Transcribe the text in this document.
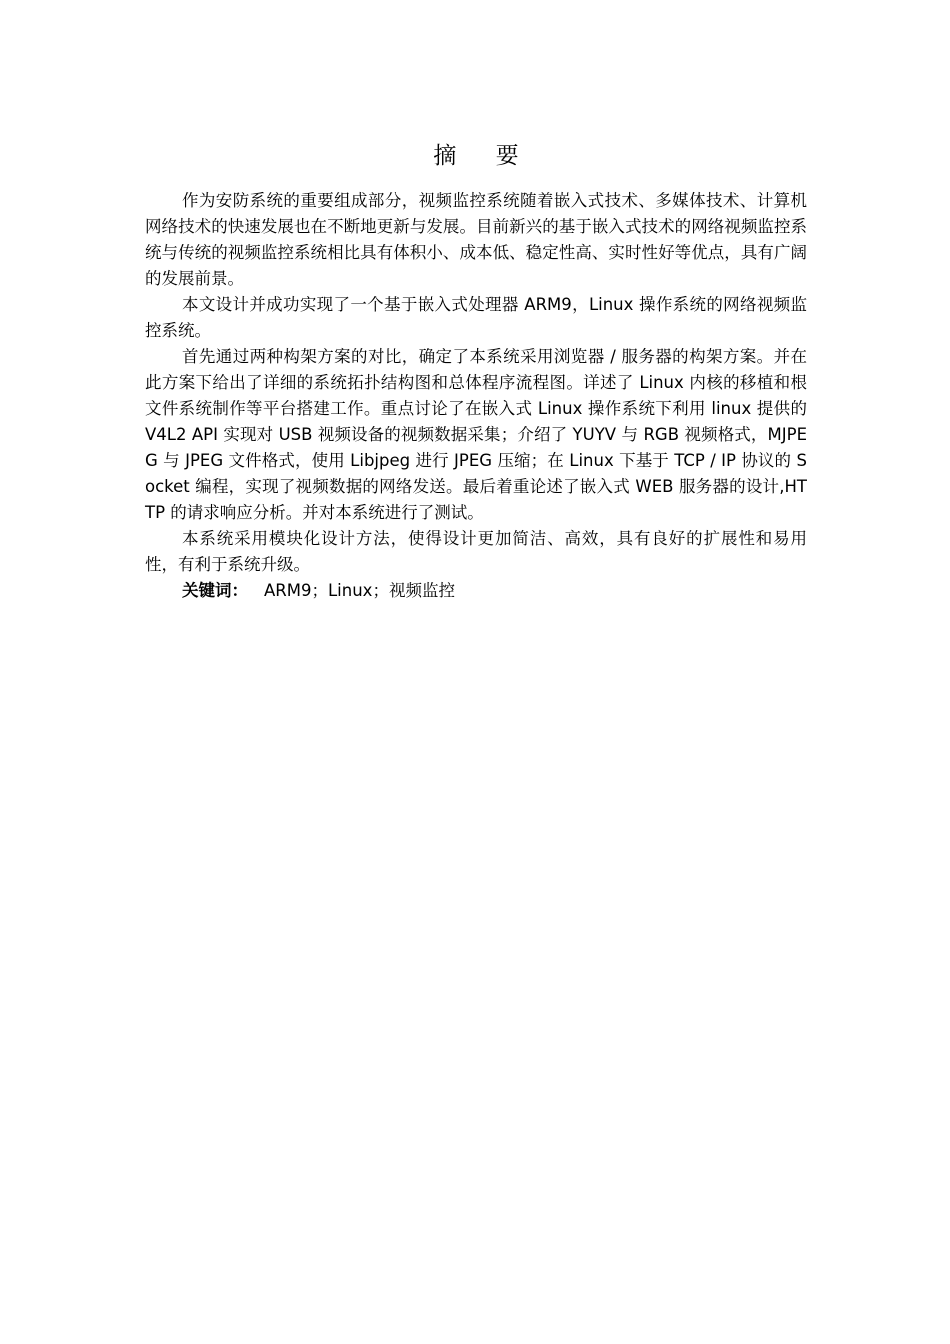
摘 要

作为安防系统的重要组成部分，视频监控系统随着嵌入式技术、多媒体技术、计算机网络技术的快速发展也在不断地更新与发展。目前新兴的基于嵌入式技术的网络视频监控系统与传统的视频监控系统相比具有体积小、成本低、稳定性高、实时性好等优点，具有广阔的发展前景。

本文设计并成功实现了一个基于嵌入式处理器 ARM9，Linux 操作系统的网络视频监控系统。

首先通过两种构架方案的对比，确定了本系统采用浏览器 / 服务器的构架方案。并在此方案下给出了详细的系统拓扑结构图和总体程序流程图。详述了 Linux 内核的移植和根文件系统制作等平台搭建工作。重点讨论了在嵌入式 Linux 操作系统下利用 linux 提供的 V4L2 API 实现对 USB 视频设备的视频数据采集；介绍了 YUYV 与 RGB 视频格式，MJPEG 与 JPEG 文件格式，使用 Libjpeg 进行 JPEG 压缩；在 Linux 下基于 TCP / IP 协议的 Socket 编程，实现了视频数据的网络发送。最后着重论述了嵌入式 WEB 服务器的设计,HTTP 的请求响应分析。并对本系统进行了测试。

本系统采用模块化设计方法，使得设计更加简洁、高效，具有良好的扩展性和易用性，有利于系统升级。

关键词： ARM9；Linux；视频监控
